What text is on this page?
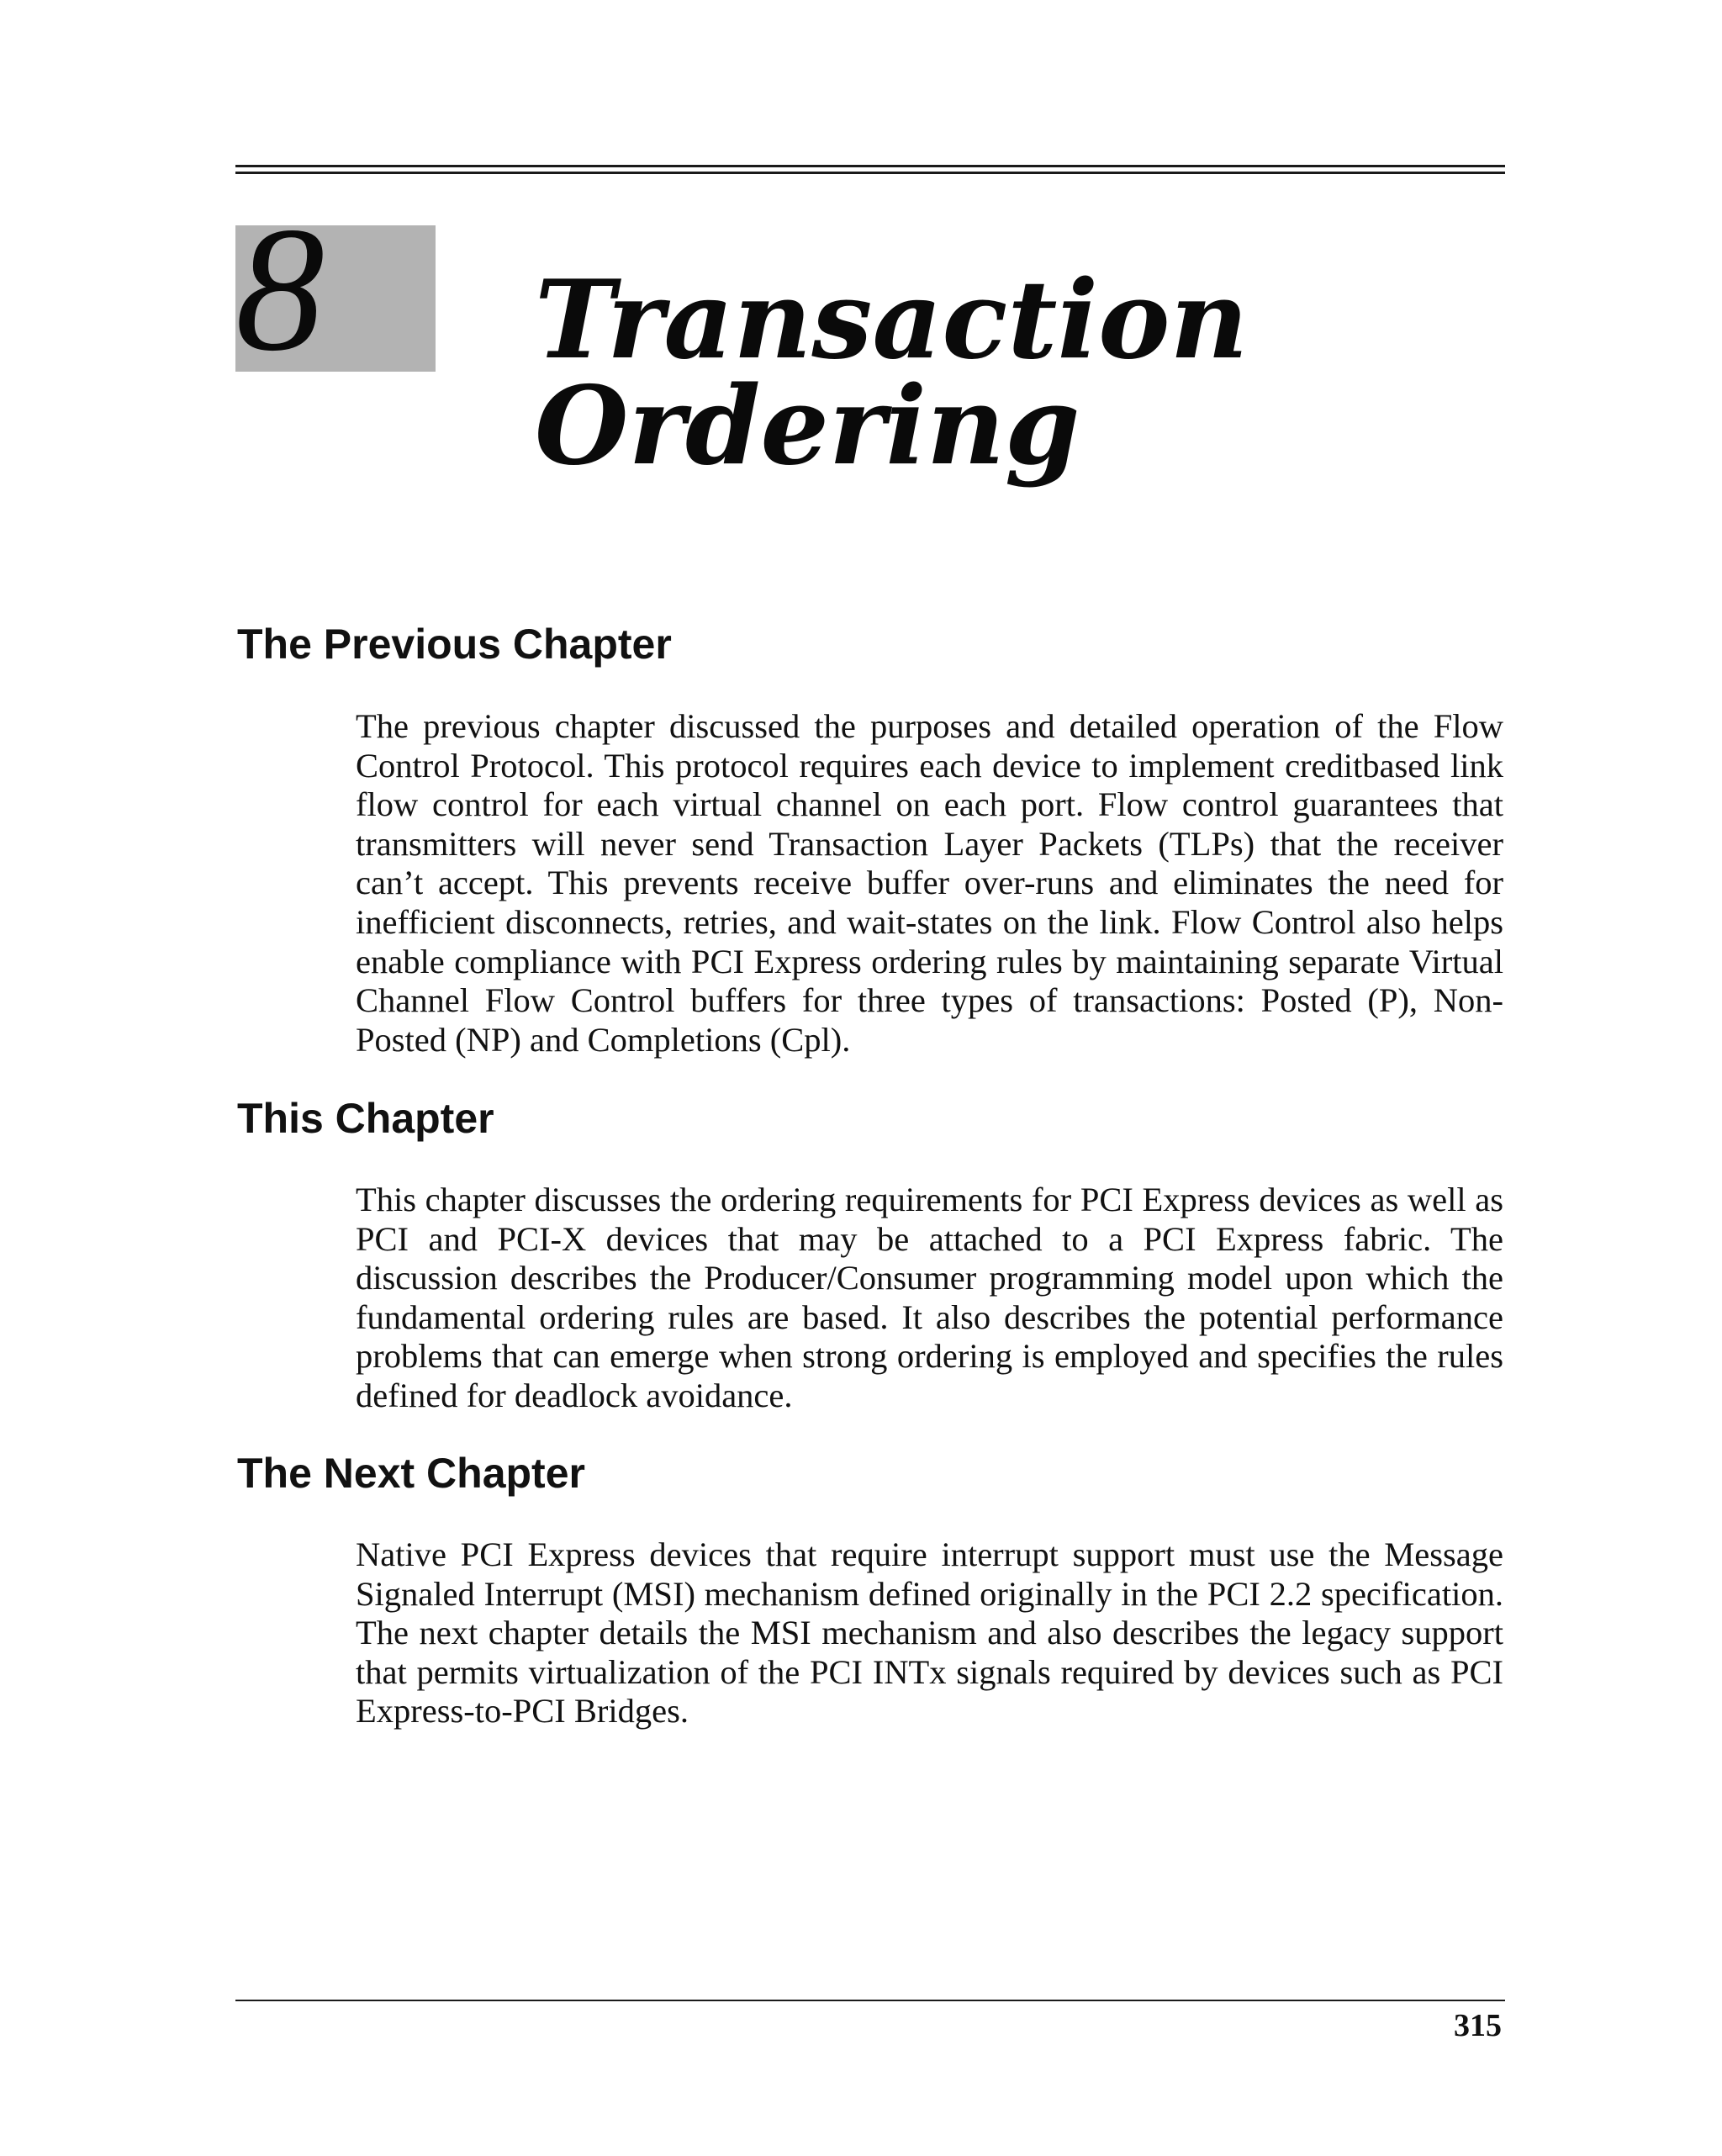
8 Transaction
Ordering
The Previous Chapter

The previous chapter discussed the purposes and detailed operation of the Flow Control Protocol. This protocol requires each device to implement creditbased link flow control for each virtual channel on each port. Flow control guarantees that transmitters will never send Transaction Layer Packets (TLPs) that the receiver can’t accept. This prevents receive buffer over-runs and eliminates the need for inefficient disconnects, retries, and wait-states on the link. Flow Control also helps enable compliance with PCI Express ordering rules by maintaining separate Virtual Channel Flow Control buffers for three types of transactions: Posted (P), Non-Posted (NP) and Completions (Cpl).

This Chapter

This chapter discusses the ordering requirements for PCI Express devices as well as PCI and PCI-X devices that may be attached to a PCI Express fabric. The discussion describes the Producer/Consumer programming model upon which the fundamental ordering rules are based. It also describes the potential performance problems that can emerge when strong ordering is employed and specifies the rules defined for deadlock avoidance.

The Next Chapter

Native PCI Express devices that require interrupt support must use the Message Signaled Interrupt (MSI) mechanism defined originally in the PCI 2.2 specification. The next chapter details the MSI mechanism and also describes the legacy support that permits virtualization of the PCI INTx signals required by devices such as PCI Express-to-PCI Bridges.

315
